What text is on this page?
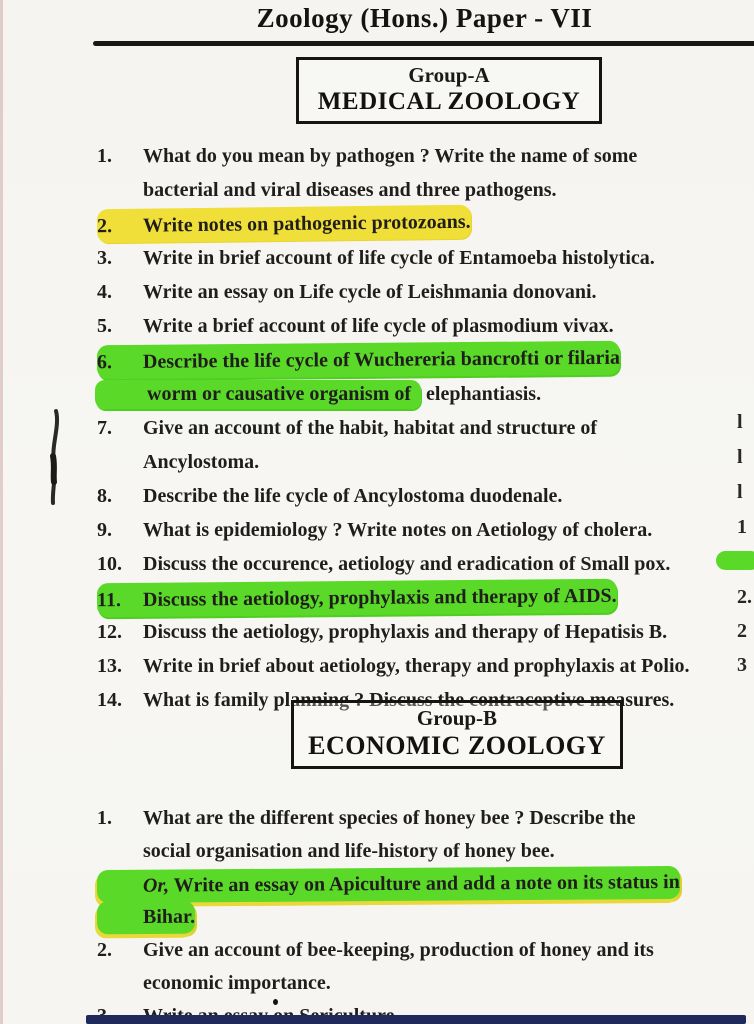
Zoology (Hons.) Paper - VII
Group-A
MEDICAL ZOOLOGY
1.	What do you mean by pathogen ? Write the name of some
bacterial and viral diseases and three pathogens.
2.	Write notes on pathogenic protozoans.
3.	Write in brief account of life cycle of Entamoeba histolytica.
4.	Write an essay on Life cycle of Leishmania donovani.
5.	Write a brief account of life cycle of plasmodium vivax.
6.	Describe the life cycle of Wuchereria bancrofti or filaria
worm or causative organism of elephantiasis.
7.	Give an account of the habit, habitat and structure of
Ancylostoma.
8.	Describe the life cycle of Ancylostoma duodenale.
9.	What is epidemiology ? Write notes on Aetiology of cholera.
10.	Discuss the occurence, aetiology and eradication of Small pox.
11.	Discuss the aetiology, prophylaxis and therapy of AIDS.
12.	Discuss the aetiology, prophylaxis and therapy of Hepatisis B.
13.	Write in brief about aetiology, therapy and prophylaxis at Polio.
14.	What is family planning ? Discuss the contraceptive measures.
Group-B
ECONOMIC ZOOLOGY
1.	What are the different species of honey bee ? Describe the
social organisation and life-history of honey bee.
Or, Write an essay on Apiculture and add a note on its status in
Bihar.
2.	Give an account of bee-keeping, production of honey and its
economic importance.
l
l
l
1
2.
2
3
